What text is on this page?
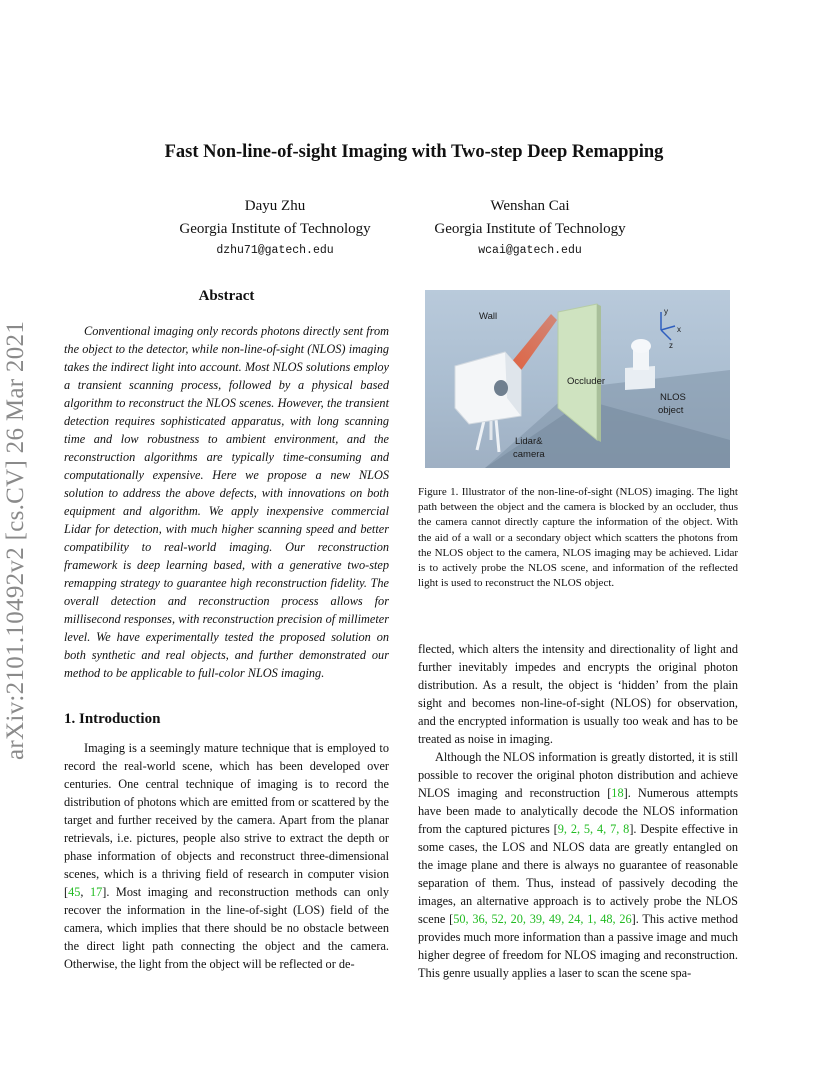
Fast Non-line-of-sight Imaging with Two-step Deep Remapping
Dayu Zhu
Georgia Institute of Technology
dzhu71@gatech.edu
Wenshan Cai
Georgia Institute of Technology
wcai@gatech.edu
arXiv:2101.10492v2 [cs.CV] 26 Mar 2021
Abstract

Conventional imaging only records photons directly sent from the object to the detector, while non-line-of-sight (NLOS) imaging takes the indirect light into account. Most NLOS solutions employ a transient scanning process, followed by a physical based algorithm to reconstruct the NLOS scenes. However, the transient detection requires sophisticated apparatus, with long scanning time and low robustness to ambient environment, and the reconstruction algorithms are typically time-consuming and computationally expensive. Here we propose a new NLOS solution to address the above defects, with innovations on both equipment and algorithm. We apply inexpensive commercial Lidar for detection, with much higher scanning speed and better compatibility to real-world imaging. Our reconstruction framework is deep learning based, with a generative two-step remapping strategy to guarantee high reconstruction fidelity. The overall detection and reconstruction process allows for millisecond responses, with reconstruction precision of millimeter level. We have experimentally tested the proposed solution on both synthetic and real objects, and further demonstrated our method to be applicable to full-color NLOS imaging.

1. Introduction

Imaging is a seemingly mature technique that is employed to record the real-world scene, which has been developed over centuries. One central technique of imaging is to record the distribution of photons which are emitted from or scattered by the target and further received by the camera. Apart from the planar retrievals, i.e. pictures, people also strive to extract the depth or phase information of objects and reconstruct three-dimensional scenes, which is a thriving field of research in computer vision [45, 17]. Most imaging and reconstruction methods can only recover the information in the line-of-sight (LOS) field of the camera, which implies that there should be no obstacle between the direct light path connecting the object and the camera. Otherwise, the light from the object will be reflected or de-

Wall
Occluder
Lidar&
camera
NLOS
object
y
x
z

Figure 1. Illustrator of the non-line-of-sight (NLOS) imaging. The light path between the object and the camera is blocked by an occluder, thus the camera cannot directly capture the information of the object. With the aid of a wall or a secondary object which scatters the photons from the NLOS object to the camera, NLOS imaging may be achieved. Lidar is to actively probe the NLOS scene, and information of the reflected light is used to reconstruct the NLOS object.

flected, which alters the intensity and directionality of light and further inevitably impedes and encrypts the original photon distribution. As a result, the object is ‘hidden’ from the plain sight and becomes non-line-of-sight (NLOS) for observation, and the encrypted information is usually too weak and has to be treated as noise in imaging.

Although the NLOS information is greatly distorted, it is still possible to recover the original photon distribution and achieve NLOS imaging and reconstruction [18]. Numerous attempts have been made to analytically decode the NLOS information from the captured pictures [9, 2, 5, 4, 7, 8]. Despite effective in some cases, the LOS and NLOS data are greatly entangled on the image plane and there is always no guarantee of reasonable separation of them. Thus, instead of passively decoding the images, an alternative approach is to actively probe the NLOS scene [50, 36, 52, 20, 39, 49, 24, 1, 48, 26]. This active method provides much more information than a passive image and much higher degree of freedom for NLOS imaging and reconstruction. This genre usually applies a laser to scan the scene spa-
